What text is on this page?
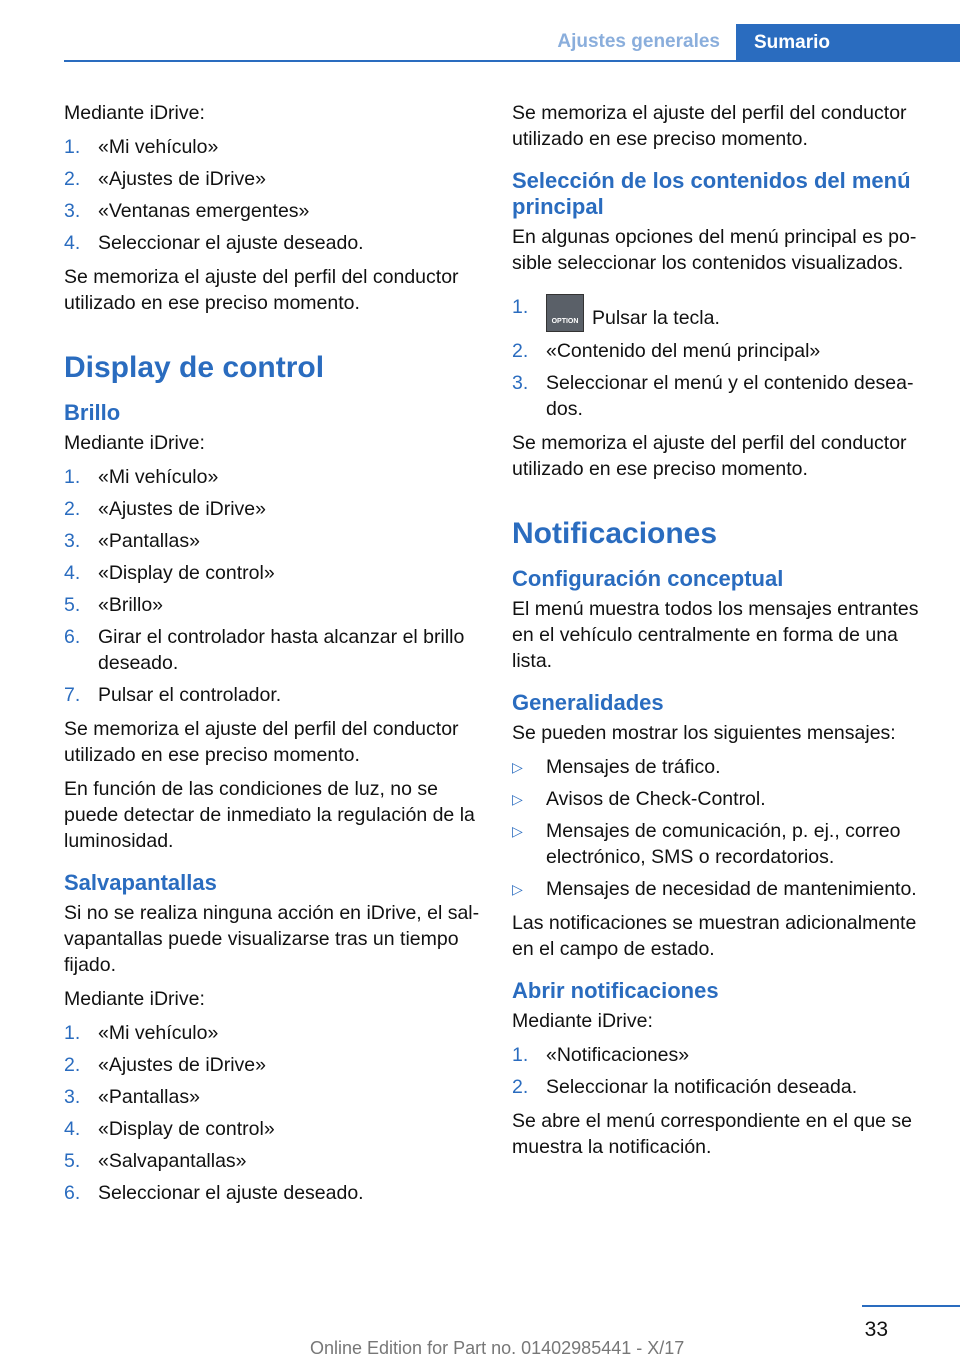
Ajustes generales	Sumario

Mediante iDrive:

1. «Mi vehículo»
2. «Ajustes de iDrive»
3. «Ventanas emergentes»
4. Seleccionar el ajuste deseado.

Se memoriza el ajuste del perfil del conductor utilizado en ese preciso momento.

Display de control
Brillo

Mediante iDrive:

1. «Mi vehículo»
2. «Ajustes de iDrive»
3. «Pantallas»
4. «Display de control»
5. «Brillo»
6. Girar el controlador hasta alcanzar el brillo deseado.
7. Pulsar el controlador.

Se memoriza el ajuste del perfil del conductor utilizado en ese preciso momento.

En función de las condiciones de luz, no se puede detectar de inmediato la regulación de la luminosidad.

Salvapantallas

Si no se realiza ninguna acción en iDrive, el salvapantallas puede visualizarse tras un tiempo fijado.

Mediante iDrive:

1. «Mi vehículo»
2. «Ajustes de iDrive»
3. «Pantallas»
4. «Display de control»
5. «Salvapantallas»
6. Seleccionar el ajuste deseado.

Se memoriza el ajuste del perfil del conductor utilizado en ese preciso momento.

Selección de los contenidos del menú principal

En algunas opciones del menú principal es posible seleccionar los contenidos visualizados.

1.
OPTION Pulsar la tecla.
2. «Contenido del menú principal»
3. Seleccionar el menú y el contenido deseados.

Se memoriza el ajuste del perfil del conductor utilizado en ese preciso momento.

Notificaciones
Configuración conceptual

El menú muestra todos los mensajes entrantes en el vehículo centralmente en forma de una lista.

Generalidades

Se pueden mostrar los siguientes mensajes:

▷ Mensajes de tráfico.
▷ Avisos de Check-Control.
▷ Mensajes de comunicación, p. ej., correo electrónico, SMS o recordatorios.
▷ Mensajes de necesidad de mantenimiento.

Las notificaciones se muestran adicionalmente en el campo de estado.

Abrir notificaciones

Mediante iDrive:

1. «Notificaciones»
2. Seleccionar la notificación deseada.

Se abre el menú correspondiente en el que se muestra la notificación.

33
Online Edition for Part no. 01402985441 - X/17
